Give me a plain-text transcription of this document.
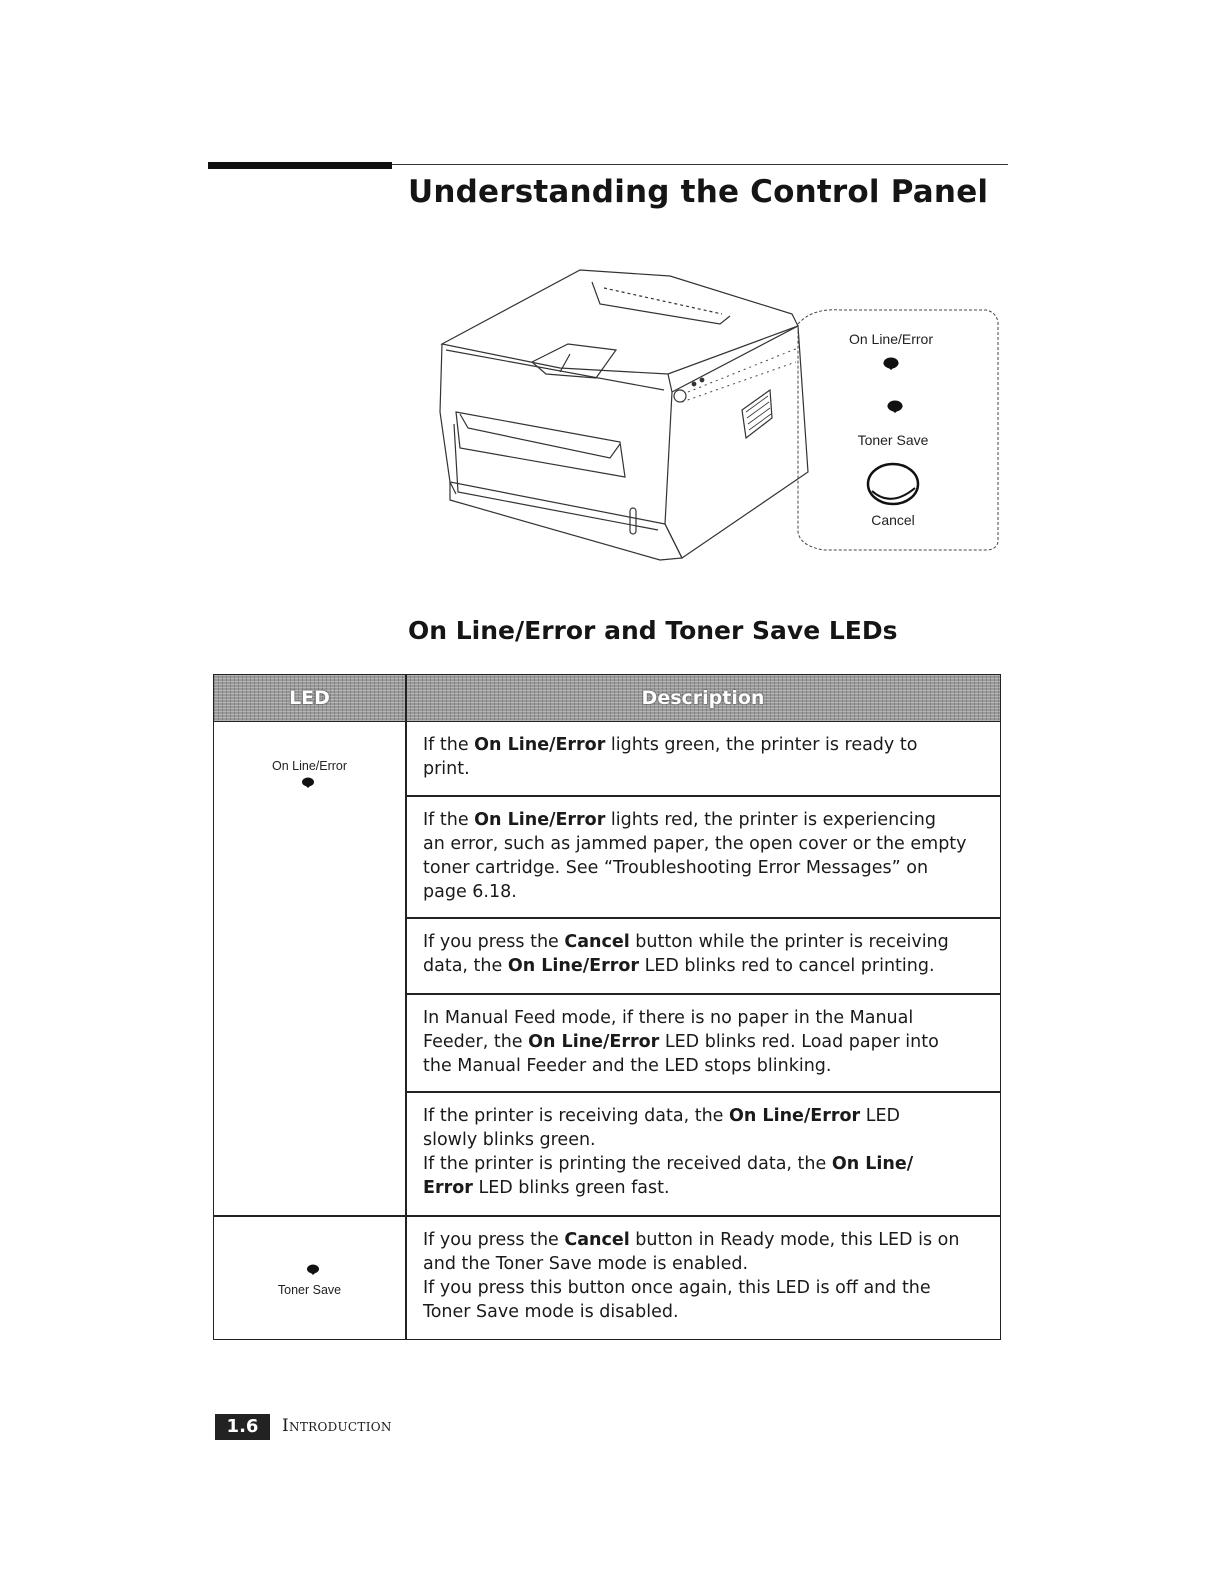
Understanding the Control Panel
On Line/Error
Toner Save
Cancel
On Line/Error and Toner Save LEDs
LED	Description
On Line/Error
Toner Save
If the On Line/Error lights green, the printer is ready to
print.
If the On Line/Error lights red, the printer is experiencing
an error, such as jammed paper, the open cover or the empty
toner cartridge. See “Troubleshooting Error Messages” on
page 6.18.
If you press the Cancel button while the printer is receiving
data, the On Line/Error LED blinks red to cancel printing.
In Manual Feed mode, if there is no paper in the Manual
Feeder, the On Line/Error LED blinks red. Load paper into
the Manual Feeder and the LED stops blinking.
If the printer is receiving data, the On Line/Error LED
slowly blinks green.
If the printer is printing the received data, the On Line/
Error LED blinks green fast.
If you press the Cancel button in Ready mode, this LED is on
and the Toner Save mode is enabled.
If you press this button once again, this LED is off and the
Toner Save mode is disabled.
1.6	Introduction
